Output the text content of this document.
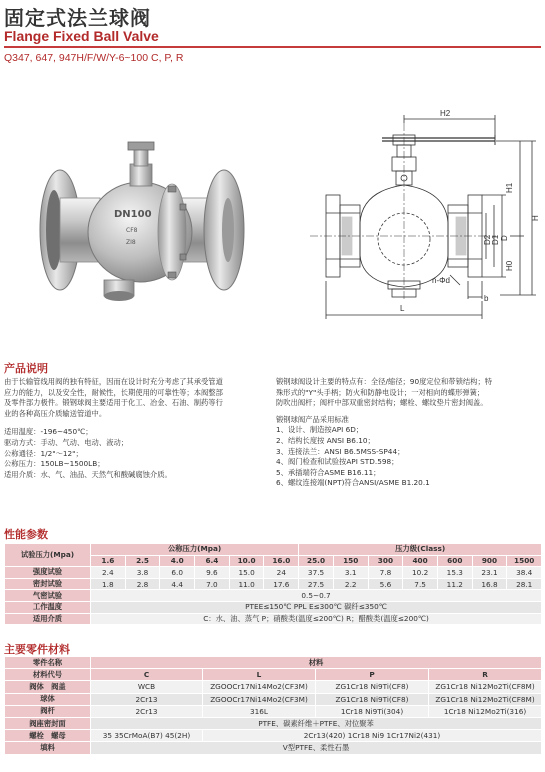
固定式法兰球阀
Flange Fixed Ball Valve
Q347, 647, 947H/F/W/Y-6~100 C, P, R
DN100
CF8
ZI8
H2
H1
H0
H
D2 D1 D
n-Φd
b
L
产品说明

由于长输管线用阀的独有特征，因而在设计时充分考虑了其承受管道

应力的能力，以及安全性，耐候性，长期使用的可靠性等；本阀整部

及零件部力极件。锻钢球阀主要适用于化工、冶金、石油、制药等行

业的各种高压介质输送管道中。

适用温度：-196~450℃；

驱动方式：手动、气动、电动、液动；

公称通径：1/2"～12"；

公称压力：150LB~1500LB；

适用介质：水、气、油品、天然气和酸碱腐蚀介质。

锻钢球阀设计主要的特点有：全径/缩径；90度定位和带锁结构；特

殊形式的"Y"头手柄；防火和防静电设计；一对相向的蝶形弹簧；

防吹出阀杆；阀杆中部双重密封结构；螺栓、螺纹垫片密封阀盖。

锻钢球阀产品采用标准

1、设计、制造按API 6D；

2、结构长度按 ANSI B6.10；

3、连接法兰：ANSI B6.5MSS-SP44；

4、阀门检查和试验按API STD.598；

5、承插端符合ASME B16.11；

6、螺纹连接端(NPT)符合ANSI/ASME B1.20.1

性能参数
试验压力(Mpa)	公称压力(Mpa)						压力级(Class)						
	1.6	2.5	4.0	6.4	10.0	16.0	25.0	150	300	400	600	900	1500
强度试验	2.4	3.8	6.0	9.6	15.0	24	37.5	3.1	7.8	10.2	15.3	23.1	38.4
密封试验	1.8	2.8	4.4	7.0	11.0	17.6	27.5	2.2	5.6	7.5	11.2	16.8	28.1
气密试验	0.5~0.7												
工作温度	PTEE≤150℃ PPL E≤300℃ 碳纤≤350℃												
适用介质	C：水、油、蒸气 P；硝酸类(温度≤200℃) R；醋酸类(温度≤200℃)												
主要零件材料
零件名称	材料			
材料代号	C	L	P	R
阀体　阀盖	WCB	ZGOOCr17Ni14Mo2(CF3M)	ZG1Cr18 Ni9Ti(CF8)	ZG1Cr18 Ni12Mo2Ti(CF8M)
球体	2Cr13	ZGOOCr17Ni14Mo2(CF3M)	ZG1Cr18 Ni9Ti(CF8)	ZG1Cr18 Ni12Mo2Ti(CF8M)
阀杆	2Cr13	316L	1Cr18 Ni9Ti(304)	1Cr18 Ni12Mo2Ti(316)
阀座密封面	PTFE、碳素纤维＋PTFE、对位聚苯			
螺栓　螺母	35 35CrMoA(B7) 45(2H)	2Cr13(420) 1Cr18 Ni9 1Cr17Ni2(431)		
填料	V型PTFE、柔性石墨			
